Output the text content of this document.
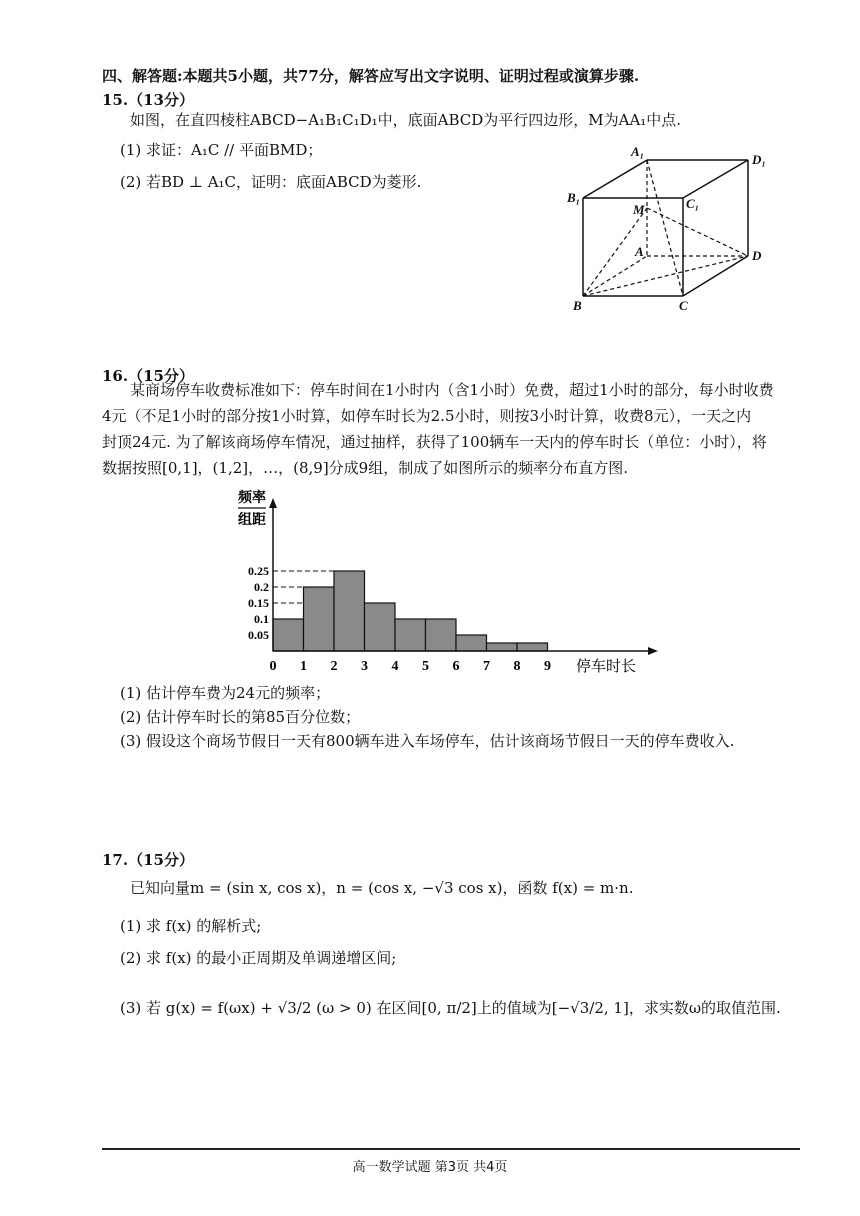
四、解答题:本题共5小题，共77分，解答应写出文字说明、证明过程或演算步骤.
15.（13分）
如图，在直四棱柱ABCD−A₁B₁C₁D₁中，底面ABCD为平行四边形，M为AA₁中点.
(1) 求证：A₁C // 平面BMD；
(2) 若BD ⊥ A₁C，证明：底面ABCD为菱形.
A₁
D₁
B₁	C₁
M
A	D
B	C
16.（15分）
某商场停车收费标准如下：停车时间在1小时内（含1小时）免费，超过1小时的部分，每小时收费
4元（不足1小时的部分按1小时算，如停车时长为2.5小时，则按3小时计算，收费8元），一天之内
封顶24元. 为了解该商场停车情况，通过抽样，获得了100辆车一天内的停车时长（单位：小时），将
数据按照[0,1]，(1,2]，…，(8,9]分成9组，制成了如图所示的频率分布直方图.
频率
组距
0.05
0.1
0.15
0.2
0.25
0 1 2 3 4 5 6 7 8 9 停车时长
(1) 估计停车费为24元的频率；
(2) 估计停车时长的第85百分位数；
(3) 假设这个商场节假日一天有800辆车进入车场停车，估计该商场节假日一天的停车费收入.
17.（15分）
已知向量m = (sin x, cos x)，n = (cos x, −√3 cos x)，函数 f(x) = m·n.
(1) 求 f(x) 的解析式;
(2) 求 f(x) 的最小正周期及单调递增区间;
(3) 若 g(x) = f(ωx) + √3/2 (ω > 0) 在区间[0, π/2]上的值域为[−√3/2, 1]，求实数ω的取值范围.
高一数学试题 第3页 共4页
